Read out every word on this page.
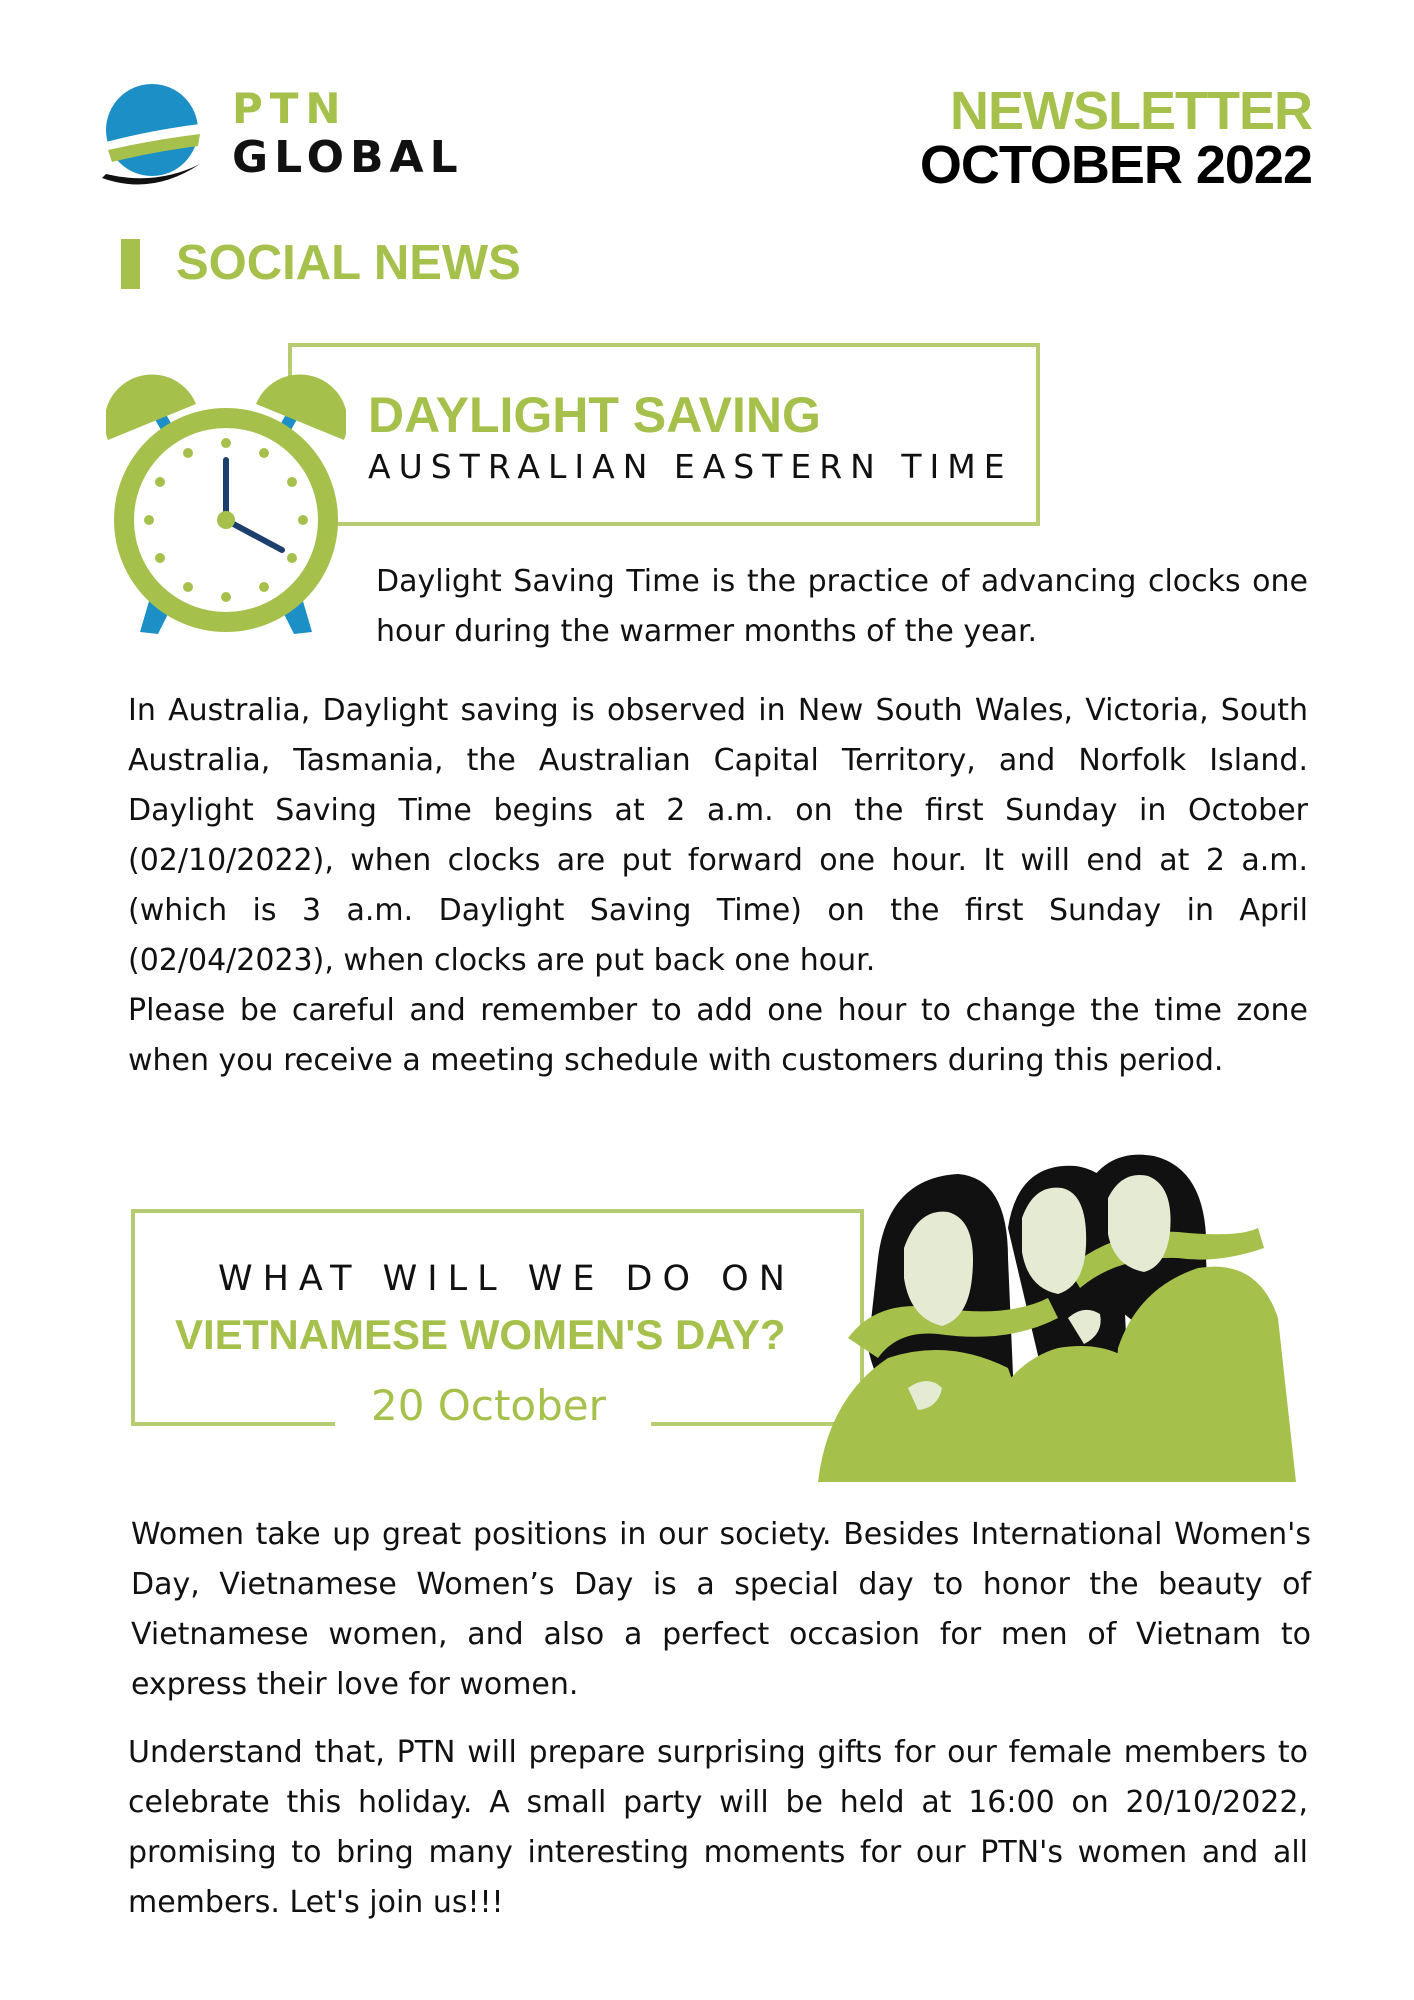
PTN
GLOBAL
NEWSLETTER
OCTOBER 2022
SOCIAL NEWS
DAYLIGHT SAVING
AUSTRALIAN EASTERN TIME

Daylight Saving Time is the practice of advancing clocks one hour during the warmer months of the year.

In Australia, Daylight saving is observed in New South Wales, Victoria, South Australia, Tasmania, the Australian Capital Territory, and Norfolk Island. Daylight Saving Time begins at 2 a.m. on the first Sunday in October (02/10/2022), when clocks are put forward one hour. It will end at 2 a.m. (which is 3 a.m. Daylight Saving Time) on the first Sunday in April (02/04/2023), when clocks are put back one hour.

Please be careful and remember to add one hour to change the time zone when you receive a meeting schedule with customers during this period.

WHAT WILL WE DO ON
VIETNAMESE WOMEN'S DAY?
20 October

Women take up great positions in our society. Besides International Women's Day, Vietnamese Women’s Day is a special day to honor the beauty of Vietnamese women, and also a perfect occasion for men of Vietnam to express their love for women.

Understand that, PTN will prepare surprising gifts for our female members to celebrate this holiday. A small party will be held at 16:00 on 20/10/2022, promising to bring many interesting moments for our PTN's women and all members. Let's join us!!!
